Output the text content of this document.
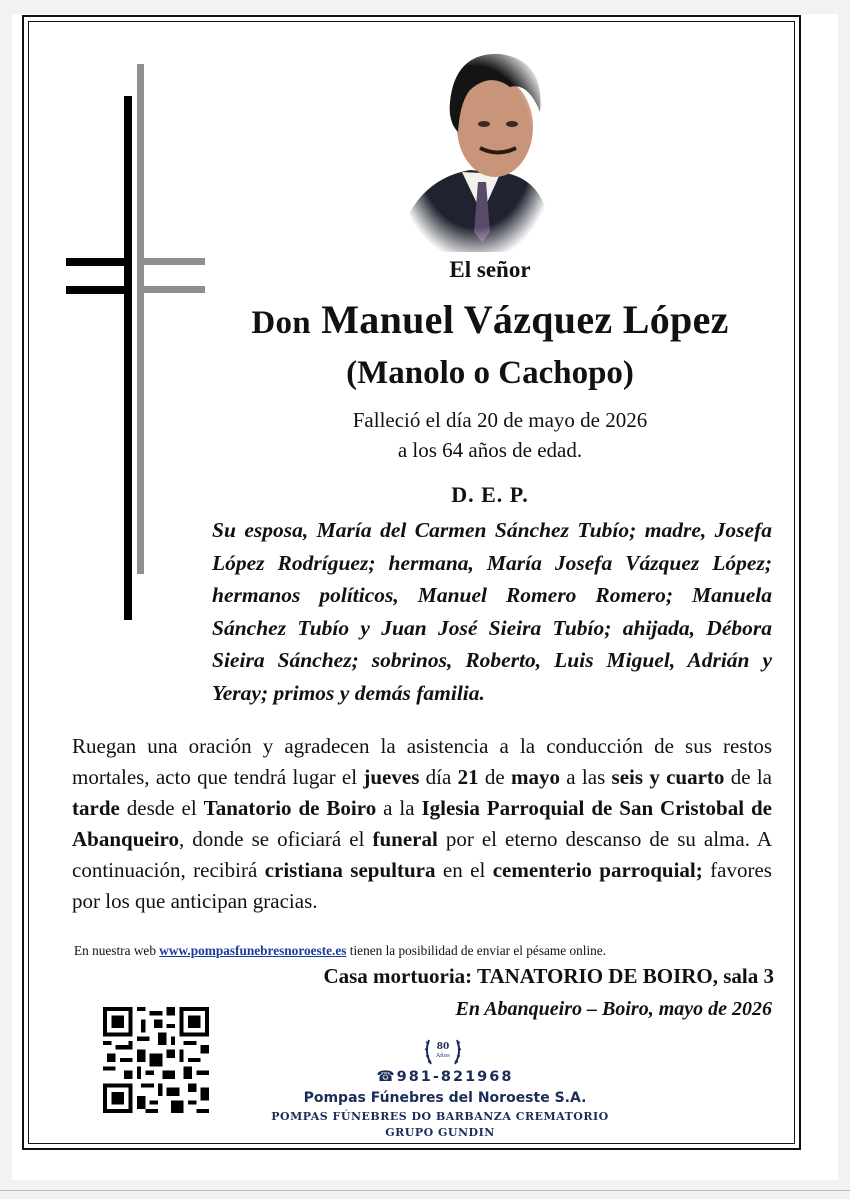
El señor
Don Manuel Vázquez López
(Manolo o Cachopo)
Falleció el día 20 de mayo de 2026
a los 64 años de edad.
D. E. P.
Su esposa, María del Carmen Sánchez Tubío; madre, Josefa López Rodríguez; hermana, María Josefa Vázquez López; hermanos políticos, Manuel Romero Romero; Manuela Sánchez Tubío y Juan José Sieira Tubío; ahijada, Débora Sieira Sánchez; sobrinos, Roberto, Luis Miguel, Adrián y Yeray; primos y demás familia.
Ruegan una oración y agradecen la asistencia a la conducción de sus restos mortales, acto que tendrá lugar el jueves día 21 de mayo a las seis y cuarto de la tarde desde el Tanatorio de Boiro a la Iglesia Parroquial de San Cristobal de Abanqueiro, donde se oficiará el funeral por el eterno descanso de su alma. A continuación, recibirá cristiana sepultura en el cementerio parroquial; favores por los que anticipan gracias.
En nuestra web www.pompasfunebresnoroeste.es tienen la posibilidad de enviar el pésame online.
Casa mortuoria: TANATORIO DE BOIRO, sala 3
En Abanqueiro – Boiro, mayo de 2026
80
Años
☎981-821968
Pompas Fúnebres del Noroeste S.A.
POMPAS FÚNEBRES DO BARBANZA CREMATORIO
GRUPO GUNDIN
